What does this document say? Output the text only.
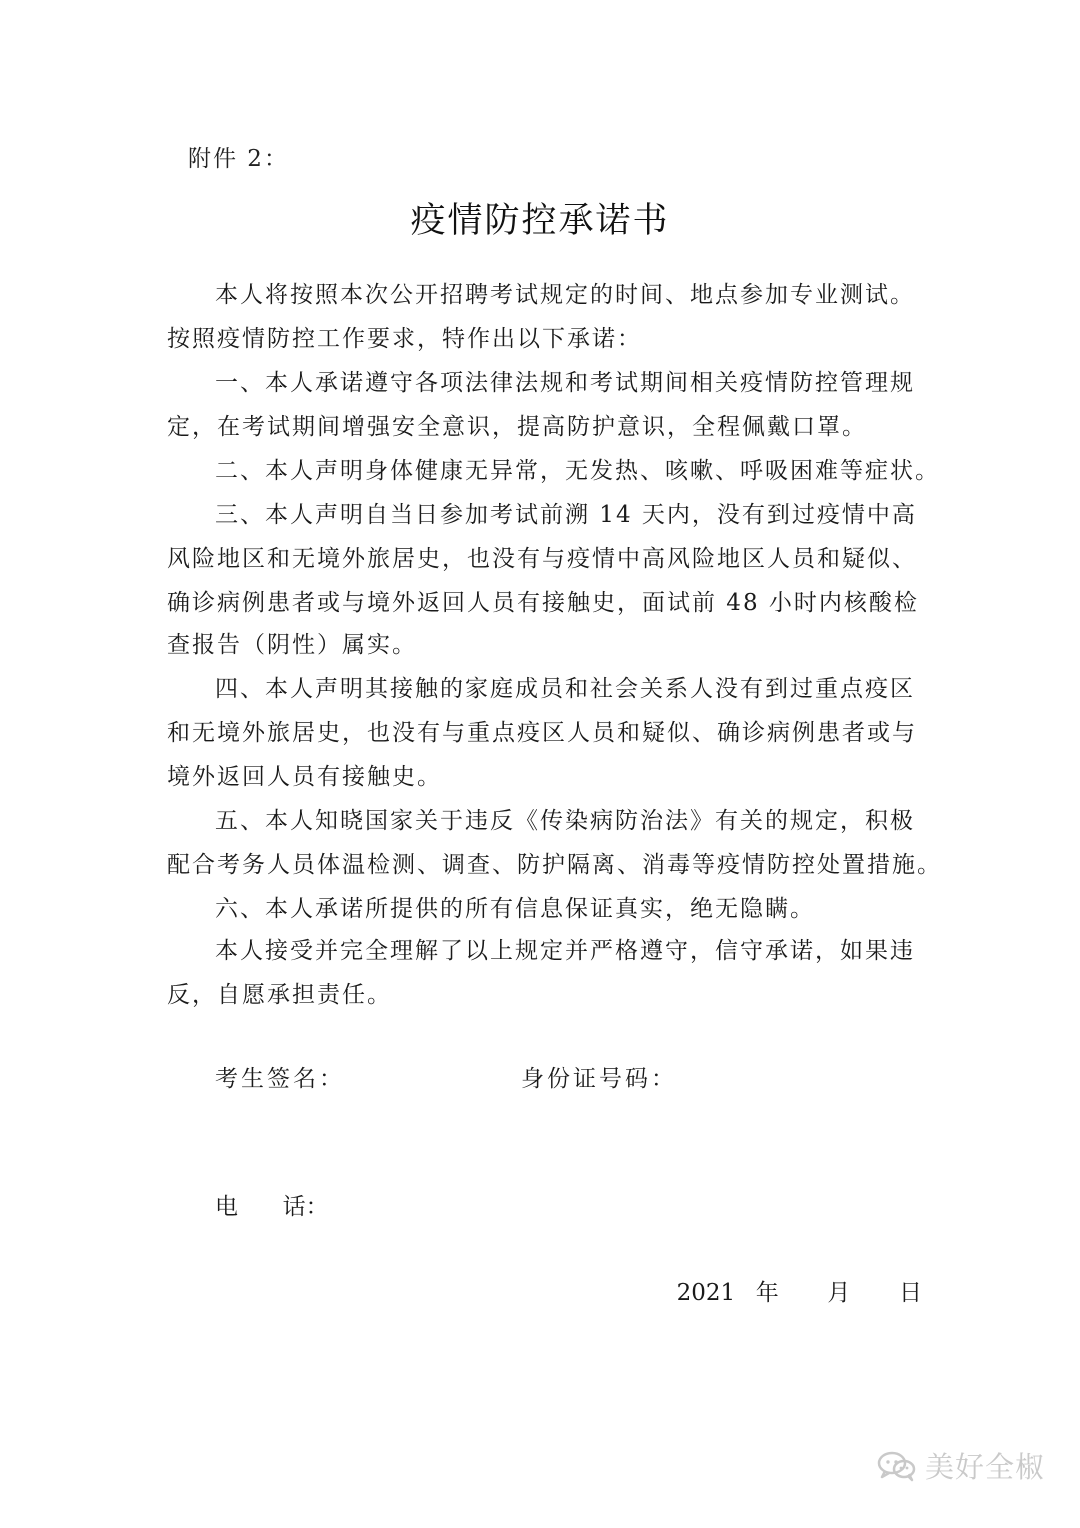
附件 2：
疫情防控承诺书
本人将按照本次公开招聘考试规定的时间、地点参加专业测试。
按照疫情防控工作要求，特作出以下承诺：
一、本人承诺遵守各项法律法规和考试期间相关疫情防控管理规
定，在考试期间增强安全意识，提高防护意识，全程佩戴口罩。
二、本人声明身体健康无异常，无发热、咳嗽、呼吸困难等症状。
三、本人声明自当日参加考试前溯 14 天内，没有到过疫情中高
风险地区和无境外旅居史，也没有与疫情中高风险地区人员和疑似、
确诊病例患者或与境外返回人员有接触史，面试前 48 小时内核酸检
查报告（阴性）属实。
四、本人声明其接触的家庭成员和社会关系人没有到过重点疫区
和无境外旅居史，也没有与重点疫区人员和疑似、确诊病例患者或与
境外返回人员有接触史。
五、本人知晓国家关于违反《传染病防治法》有关的规定，积极
配合考务人员体温检测、调查、防护隔离、消毒等疫情防控处置措施。
六、本人承诺所提供的所有信息保证真实，绝无隐瞒。
本人接受并完全理解了以上规定并严格遵守，信守承诺，如果违
反，自愿承担责任。
考生签名：	身份证号码：
电 话：
2021 年 月 日
美好全椒
